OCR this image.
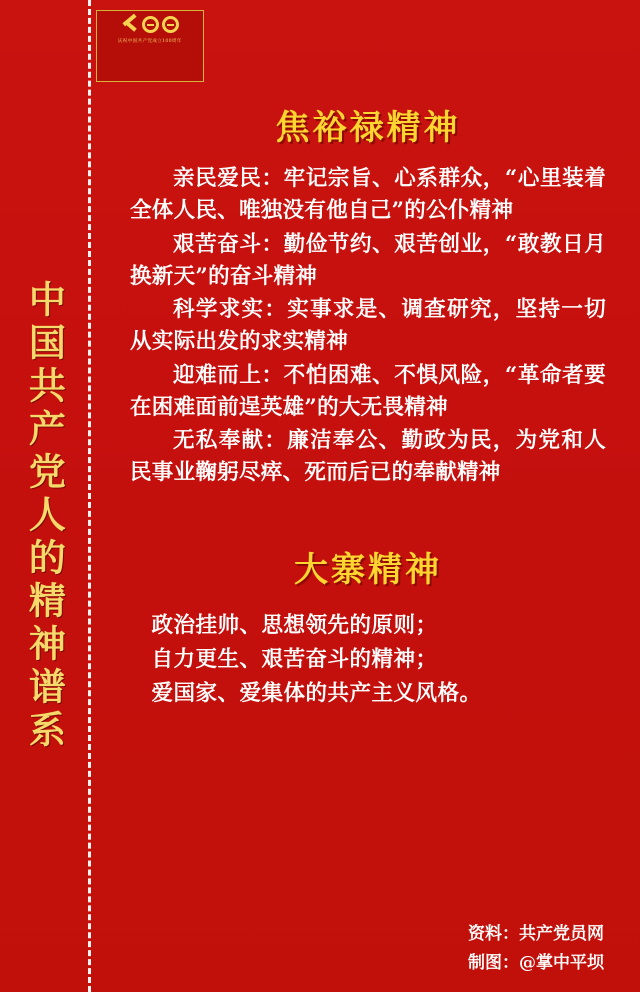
中国共产党人的精神谱系
庆祝中国共产党成立100周年
焦裕禄精神

亲民爱民：牢记宗旨、心系群众，“心里装着全体人民、唯独没有他自己”的公仆精神

艰苦奋斗：勤俭节约、艰苦创业，“敢教日月换新天”的奋斗精神

科学求实：实事求是、调查研究，坚持一切从实际出发的求实精神

迎难而上：不怕困难、不惧风险，“革命者要在困难面前逞英雄”的大无畏精神

无私奉献：廉洁奉公、勤政为民，为党和人民事业鞠躬尽瘁、死而后已的奉献精神

大寨精神

政治挂帅、思想领先的原则；

自力更生、艰苦奋斗的精神；

爱国家、爱集体的共产主义风格。

资料：共产党员网
制图：@掌中平坝
